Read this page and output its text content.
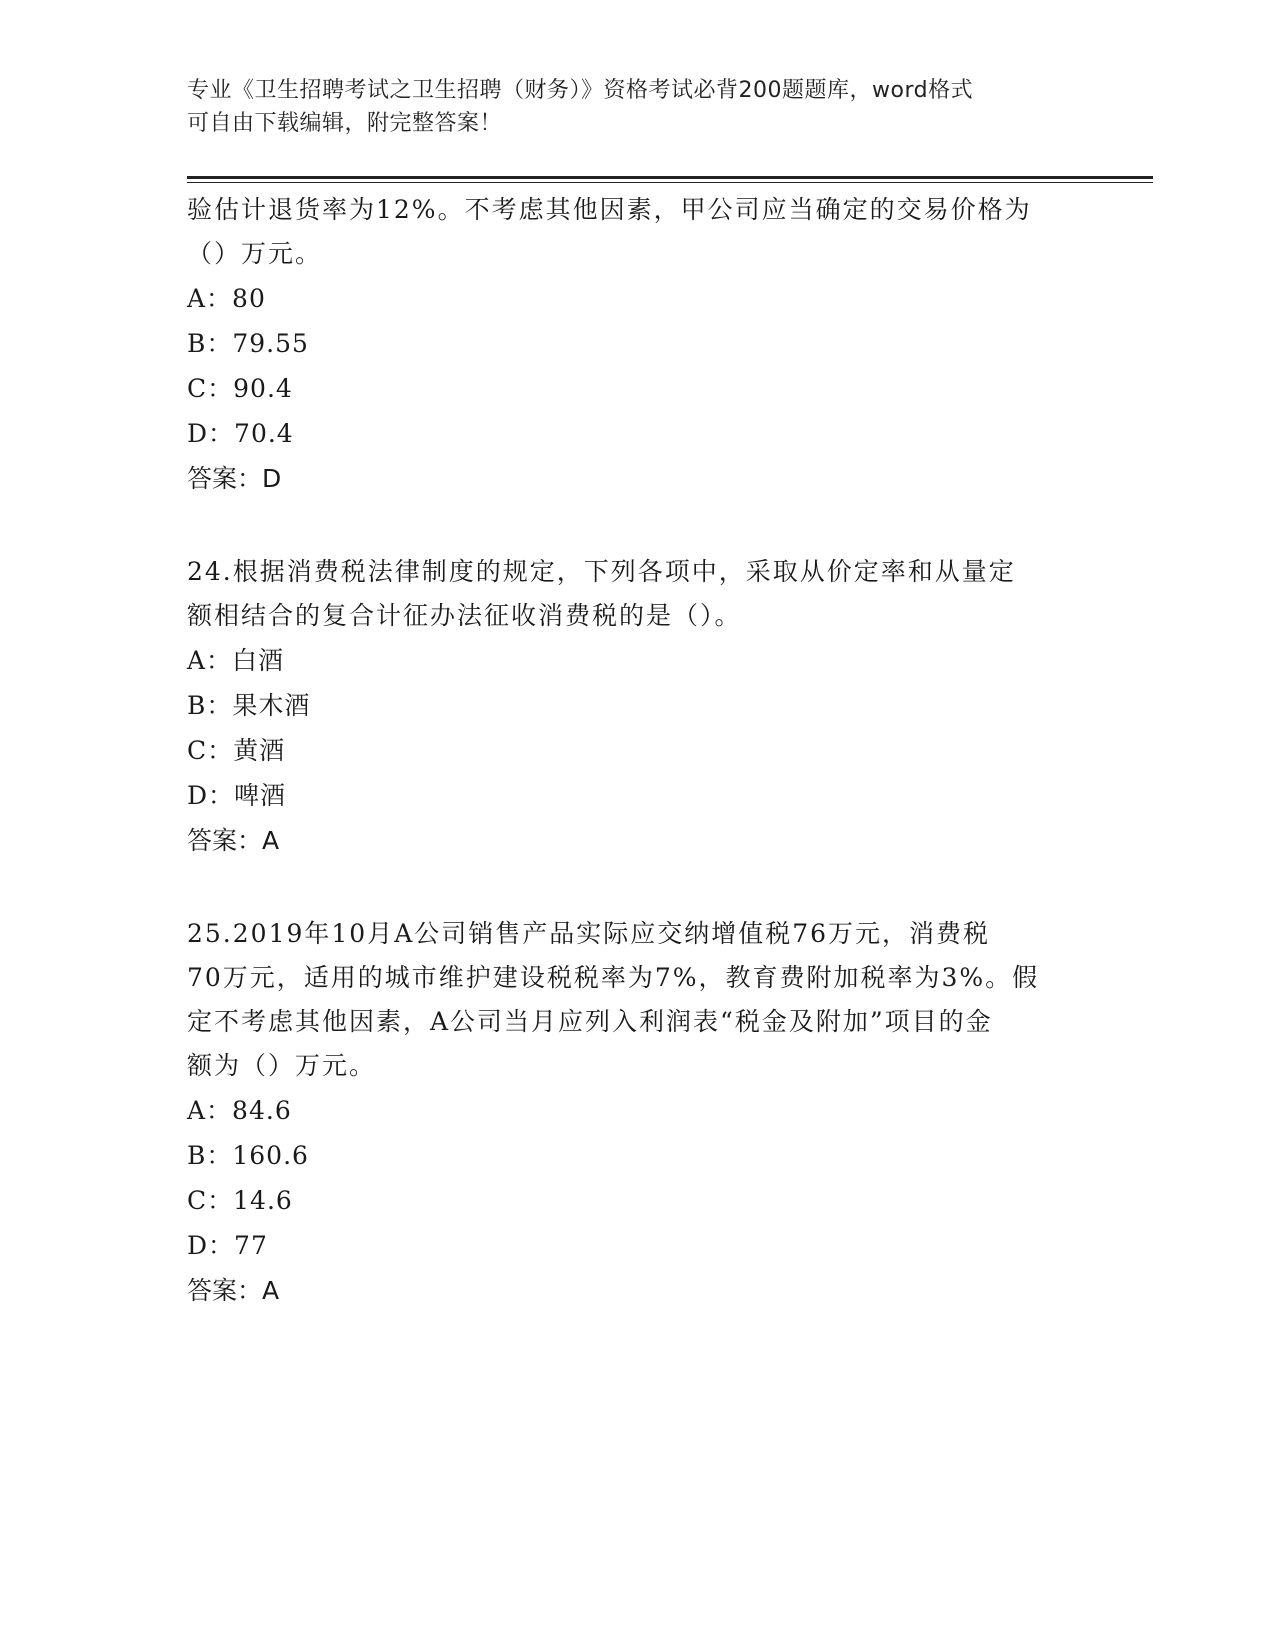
专业《卫生招聘考试之卫生招聘（财务）》资格考试必背200题题库，word格式
可自由下载编辑，附完整答案！

验估计退货率为12%。不考虑其他因素，甲公司应当确定的交易价格为

（）万元。

A：80

B：79.55

C：90.4

D：70.4

答案：D

24.根据消费税法律制度的规定，下列各项中，采取从价定率和从量定

额相结合的复合计征办法征收消费税的是（）。

A：白酒

B：果木酒

C：黄酒

D：啤酒

答案：A

25.2019年10月A公司销售产品实际应交纳增值税76万元，消费税

70万元，适用的城市维护建设税税率为7%，教育费附加税率为3%。假

定不考虑其他因素，A公司当月应列入利润表“税金及附加”项目的金

额为（）万元。

A：84.6

B：160.6

C：14.6

D：77

答案：A
